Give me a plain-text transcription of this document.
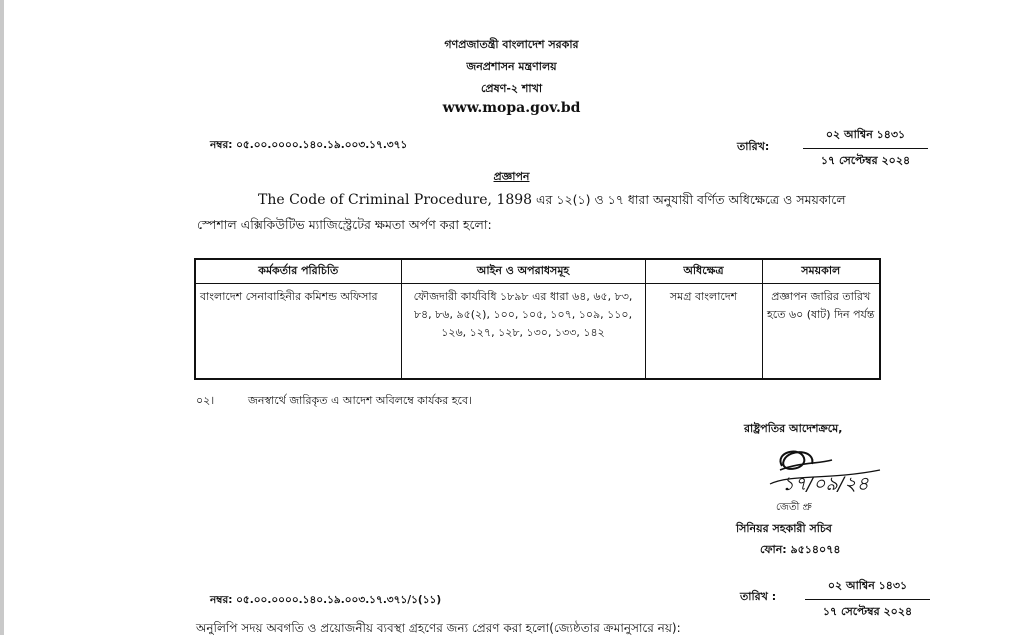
গণপ্রজাতন্ত্রী বাংলাদেশ সরকার
জনপ্রশাসন মন্ত্রণালয়
প্রেষণ-২ শাখা
www.mopa.gov.bd
নম্বর: ০৫.০০.০০০০.১৪০.১৯.০০৩.১৭.৩৭১	তারিখ:
০২ আশ্বিন ১৪৩১
১৭ সেপ্টেম্বর ২০২৪
প্রজ্ঞাপন
The Code of Criminal Procedure, 1898 এর ১২(১) ও ১৭ ধারা অনুযায়ী বর্ণিত অধিক্ষেত্রে ও সময়কালে
স্পেশাল এক্সিকিউটিভ ম্যাজিস্ট্রেটের ক্ষমতা অর্পণ করা হলো:
কর্মকর্তার পরিচিতি	আইন ও অপরাধসমূহ	অধিক্ষেত্র	সময়কাল
বাংলাদেশ সেনাবাহিনীর কমিশন্ড অফিসার	ফৌজদারী কার্যবিধি ১৮৯৮ এর ধারা ৬৪, ৬৫, ৮৩, ৮৪, ৮৬, ৯৫(২), ১০০, ১০৫, ১০৭, ১০৯, ১১০, ১২৬, ১২৭, ১২৮, ১৩০, ১৩৩, ১৪২	সমগ্র বাংলাদেশ	প্রজ্ঞাপন জারির তারিখ হতে ৬০ (ষাট) দিন পর্যন্ত
০২।	জনস্বার্থে জারিকৃত এ আদেশ অবিলম্বে কার্যকর হবে।
রাষ্ট্রপতির আদেশক্রমে,
১৭/০৯/২৪
জেতী প্রু
সিনিয়র সহকারী সচিব
ফোন: ৯৫১৪০৭৪
নম্বর: ০৫.০০.০০০০.১৪০.১৯.০০৩.১৭.৩৭১/১(১১)	তারিখ :
০২ আশ্বিন ১৪৩১
১৭ সেপ্টেম্বর ২০২৪
অনুলিপি সদয় অবগতি ও প্রয়োজনীয় ব্যবস্থা গ্রহণের জন্য প্রেরণ করা হলো(জ্যেষ্ঠতার ক্রমানুসারে নয়):
